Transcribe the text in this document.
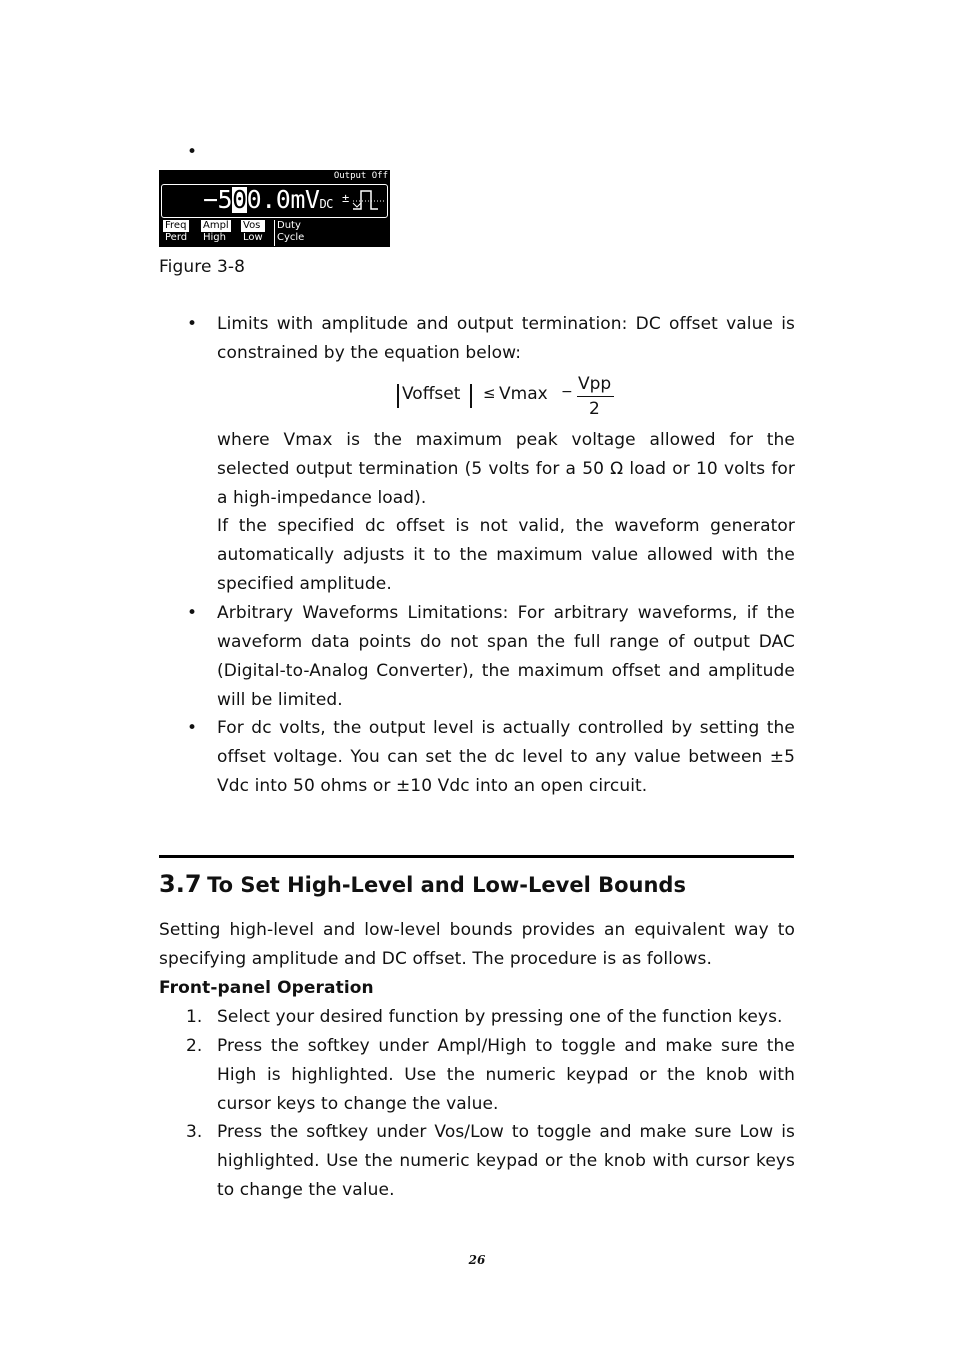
•
Output Off
−500.0mVDC ±
Freq
Perd
Ampl
High
Vos
Low
Duty
Cycle
Figure 3-8
• Limits with amplitude and output termination: DC offset value is constrained by the equation below:
Voffset ≤ Vmax − Vpp
2
where Vmax is the maximum peak voltage allowed for the selected output termination (5 volts for a 50 Ω load or 10 volts for a high-impedance load).
If the specified dc offset is not valid, the waveform generator automatically adjusts it to the maximum value allowed with the specified amplitude.
• Arbitrary Waveforms Limitations: For arbitrary waveforms, if the waveform data points do not span the full range of output DAC (Digital-to-Analog Converter), the maximum offset and amplitude will be limited.
• For dc volts, the output level is actually controlled by setting the offset voltage. You can set the dc level to any value between ±5 Vdc into 50 ohms or ±10 Vdc into an open circuit.
3.7 To Set High-Level and Low-Level Bounds
Setting high-level and low-level bounds provides an equivalent way to specifying amplitude and DC offset. The procedure is as follows.
Front-panel Operation
1. Select your desired function by pressing one of the function keys.
2. Press the softkey under Ampl/High to toggle and make sure the High is highlighted. Use the numeric keypad or the knob with cursor keys to change the value.
3. Press the softkey under Vos/Low to toggle and make sure Low is highlighted. Use the numeric keypad or the knob with cursor keys to change the value.
26
